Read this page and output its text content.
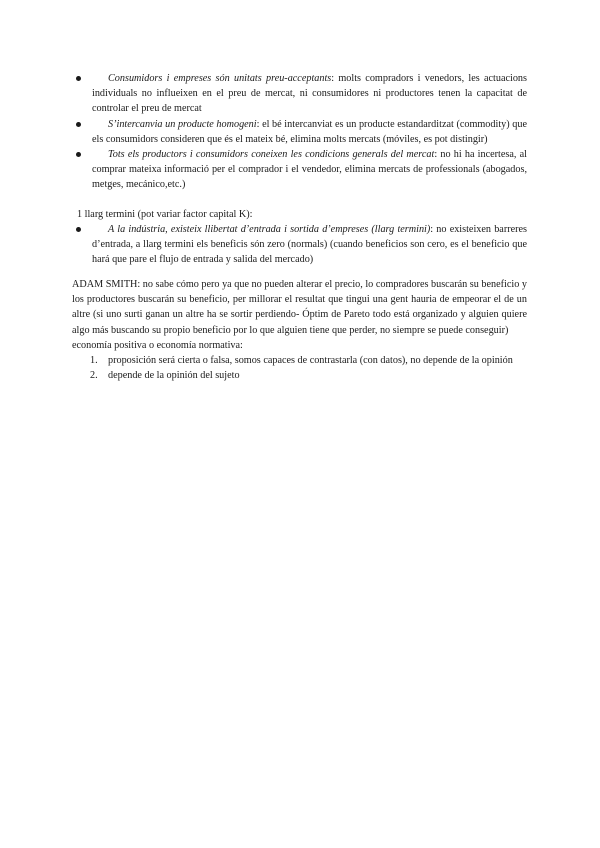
Consumidors i empreses són unitats preu-acceptants: molts compradors i venedors, les actuacions individuals no influeixen en el preu de mercat, ni consumidores ni productores tenen la capacitat de controlar el preu de mercat
S’intercanvia un producte homogeni: el bé intercanviat es un producte estandarditzat (commodity) que els consumidors consideren que és el mateix bé, elimina molts mercats (móviles, es pot distingir)
Tots els productors i consumidors coneixen les condicions generals del mercat: no hi ha incertesa, al comprar mateixa informació per el comprador i el vendedor, elimina mercats de professionals (abogados, metges, mecánico,etc.)
1 llarg termini (pot variar factor capital K):
A la indústria, existeix llibertat d’entrada i sortida d’empreses (llarg termini): no existeixen barreres d’entrada, a llarg termini els beneficis són zero (normals) (cuando beneficios son cero, es el beneficio que hará que pare el flujo de entrada y salida del mercado)

ADAM SMITH: no sabe cómo pero ya que no pueden alterar el precio, lo compradores buscarán su beneficio y los productores buscarán su beneficio, per millorar el resultat que tingui una gent hauria de empeorar el de un altre (si uno surti ganan un altre ha se sortir perdiendo- Óptim de Pareto todo está organizado y alguien quiere algo más buscando su propio beneficio por lo que alguien tiene que perder, no siempre se puede conseguir)

economía positiva o economía normativa:

1. proposición será cierta o falsa, somos capaces de contrastarla (con datos), no depende de la opinión
2. depende de la opinión del sujeto
